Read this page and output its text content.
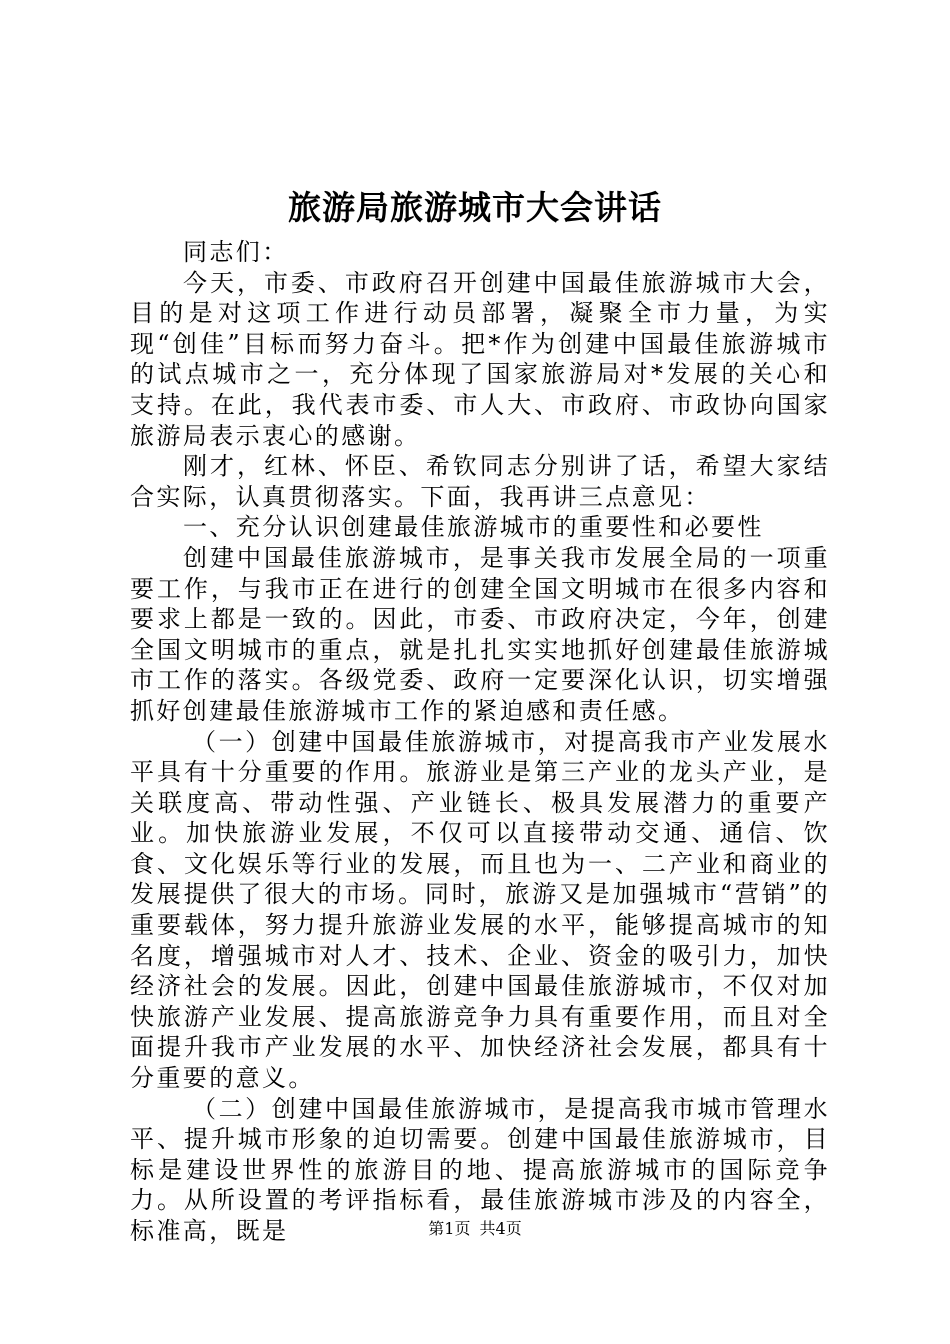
旅游局旅游城市大会讲话

同志们：

今天，市委、市政府召开创建中国最佳旅游城市大会，目的是对这项工作进行动员部署，凝聚全市力量，为实现“创佳”目标而努力奋斗。把*作为创建中国最佳旅游城市的试点城市之一，充分体现了国家旅游局对*发展的关心和支持。在此，我代表市委、市人大、市政府、市政协向国家旅游局表示衷心的感谢。

刚才，红林、怀臣、希钦同志分别讲了话，希望大家结合实际，认真贯彻落实。下面，我再讲三点意见：

一、充分认识创建最佳旅游城市的重要性和必要性

创建中国最佳旅游城市，是事关我市发展全局的一项重要工作，与我市正在进行的创建全国文明城市在很多内容和要求上都是一致的。因此，市委、市政府决定，今年，创建全国文明城市的重点，就是扎扎实实地抓好创建最佳旅游城市工作的落实。各级党委、政府一定要深化认识，切实增强抓好创建最佳旅游城市工作的紧迫感和责任感。

（一）创建中国最佳旅游城市，对提高我市产业发展水平具有十分重要的作用。旅游业是第三产业的龙头产业，是关联度高、带动性强、产业链长、极具发展潜力的重要产业。加快旅游业发展，不仅可以直接带动交通、通信、饮食、文化娱乐等行业的发展，而且也为一、二产业和商业的发展提供了很大的市场。同时，旅游又是加强城市“营销”的重要载体，努力提升旅游业发展的水平，能够提高城市的知名度，增强城市对人才、技术、企业、资金的吸引力，加快经济社会的发展。因此，创建中国最佳旅游城市，不仅对加快旅游产业发展、提高旅游竞争力具有重要作用，而且对全面提升我市产业发展的水平、加快经济社会发展，都具有十分重要的意义。

（二）创建中国最佳旅游城市，是提高我市城市管理水平、提升城市形象的迫切需要。创建中国最佳旅游城市，目标是建设世界性的旅游目的地、提高旅游城市的国际竞争力。从所设置的考评指标看，最佳旅游城市涉及的内容全，标准高，既是	第1页 共4页
